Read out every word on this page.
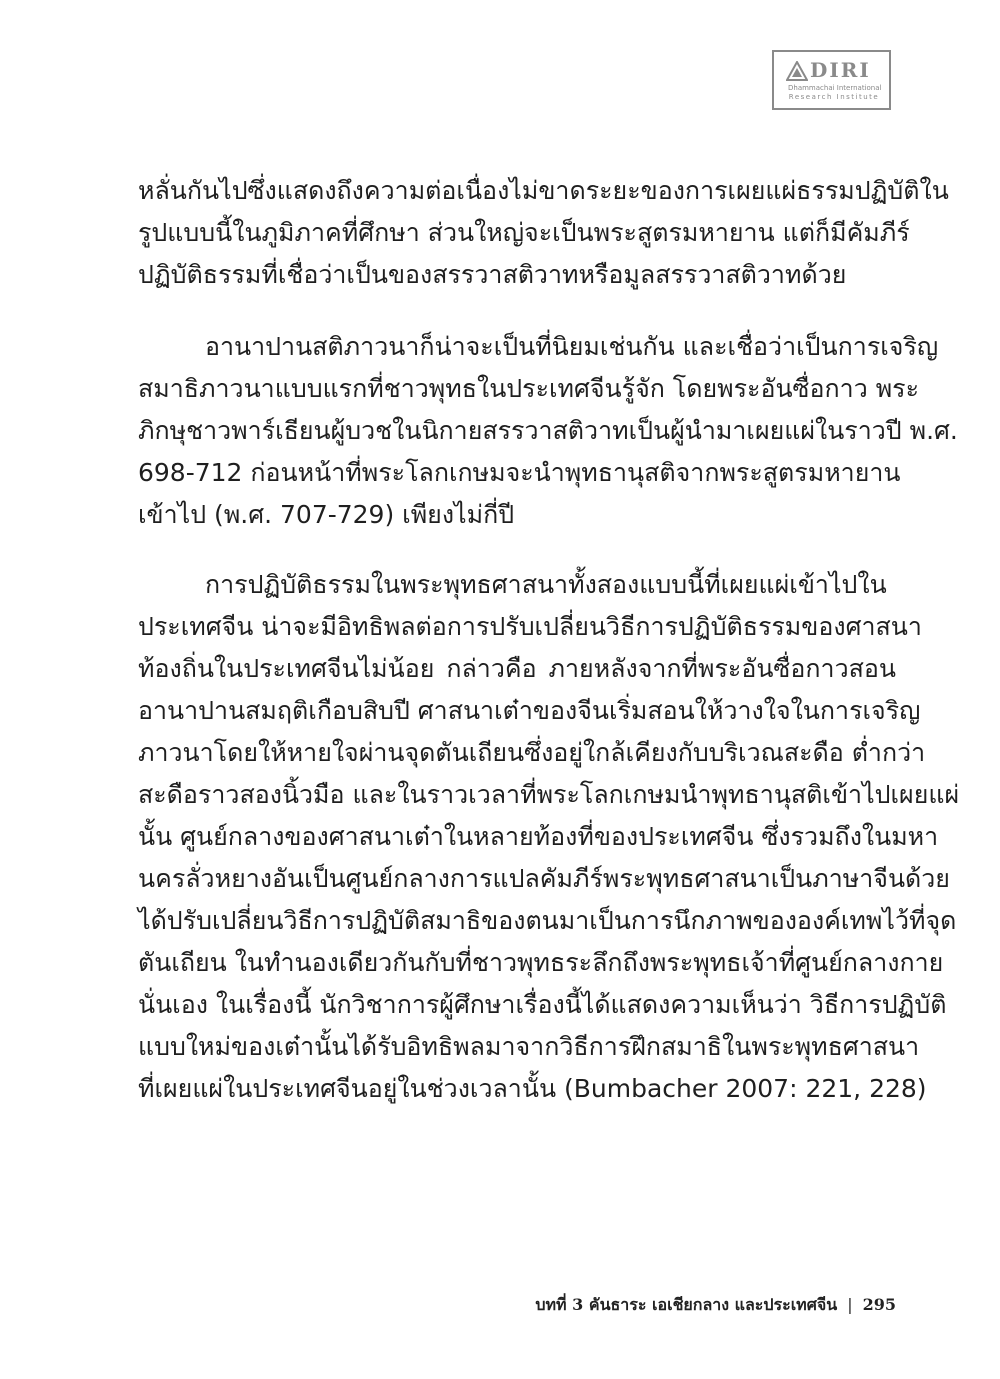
DIRI
Dhammachai International
Research Institute

หลั่นกันไปซึ่งแสดงถึงความต่อเนื่องไม่ขาดระยะของการเผยแผ่ธรรมปฏิบัติใน
รูปแบบนี้ในภูมิภาคที่ศึกษา ส่วนใหญ่จะเป็นพระสูตรมหายาน แต่ก็มีคัมภีร์
ปฏิบัติธรรมที่เชื่อว่าเป็นของสรรวาสติวาทหรือมูลสรรวาสติวาทด้วย

อานาปานสติภาวนาก็น่าจะเป็นที่นิยมเช่นกัน และเชื่อว่าเป็นการเจริญ
สมาธิภาวนาแบบแรกที่ชาวพุทธในประเทศจีนรู้จัก โดยพระอันซื่อกาว พระ
ภิกษุชาวพาร์เธียนผู้บวชในนิกายสรรวาสติวาทเป็นผู้นำมาเผยแผ่ในราวปี พ.ศ.
698-712 ก่อนหน้าที่พระโลกเกษมจะนำพุทธานุสติจากพระสูตรมหายาน
เข้าไป (พ.ศ. 707-729) เพียงไม่กี่ปี

การปฏิบัติธรรมในพระพุทธศาสนาทั้งสองแบบนี้ที่เผยแผ่เข้าไปใน
ประเทศจีน น่าจะมีอิทธิพลต่อการปรับเปลี่ยนวิธีการปฏิบัติธรรมของศาสนา
ท้องถิ่นในประเทศจีนไม่น้อย กล่าวคือ ภายหลังจากที่พระอันซื่อกาวสอน
อานาปานสมฤติเกือบสิบปี ศาสนาเต๋าของจีนเริ่มสอนให้วางใจในการเจริญ
ภาวนาโดยให้หายใจผ่านจุดตันเถียนซึ่งอยู่ใกล้เคียงกับบริเวณสะดือ ต่ำกว่า
สะดือราวสองนิ้วมือ และในราวเวลาที่พระโลกเกษมนำพุทธานุสติเข้าไปเผยแผ่
นั้น ศูนย์กลางของศาสนาเต๋าในหลายท้องที่ของประเทศจีน ซึ่งรวมถึงในมหา
นครลั่วหยางอันเป็นศูนย์กลางการแปลคัมภีร์พระพุทธศาสนาเป็นภาษาจีนด้วย
ได้ปรับเปลี่ยนวิธีการปฏิบัติสมาธิของตนมาเป็นการนึกภาพขององค์เทพไว้ที่จุด
ตันเถียน ในทำนองเดียวกันกับที่ชาวพุทธระลึกถึงพระพุทธเจ้าที่ศูนย์กลางกาย
นั่นเอง ในเรื่องนี้ นักวิชาการผู้ศึกษาเรื่องนี้ได้แสดงความเห็นว่า วิธีการปฏิบัติ
แบบใหม่ของเต๋านั้นได้รับอิทธิพลมาจากวิธีการฝึกสมาธิในพระพุทธศาสนา
ที่เผยแผ่ในประเทศจีนอยู่ในช่วงเวลานั้น (Bumbacher 2007: 221, 228)

บทที่ 3 คันธาระ เอเชียกลาง และประเทศจีน | 295
